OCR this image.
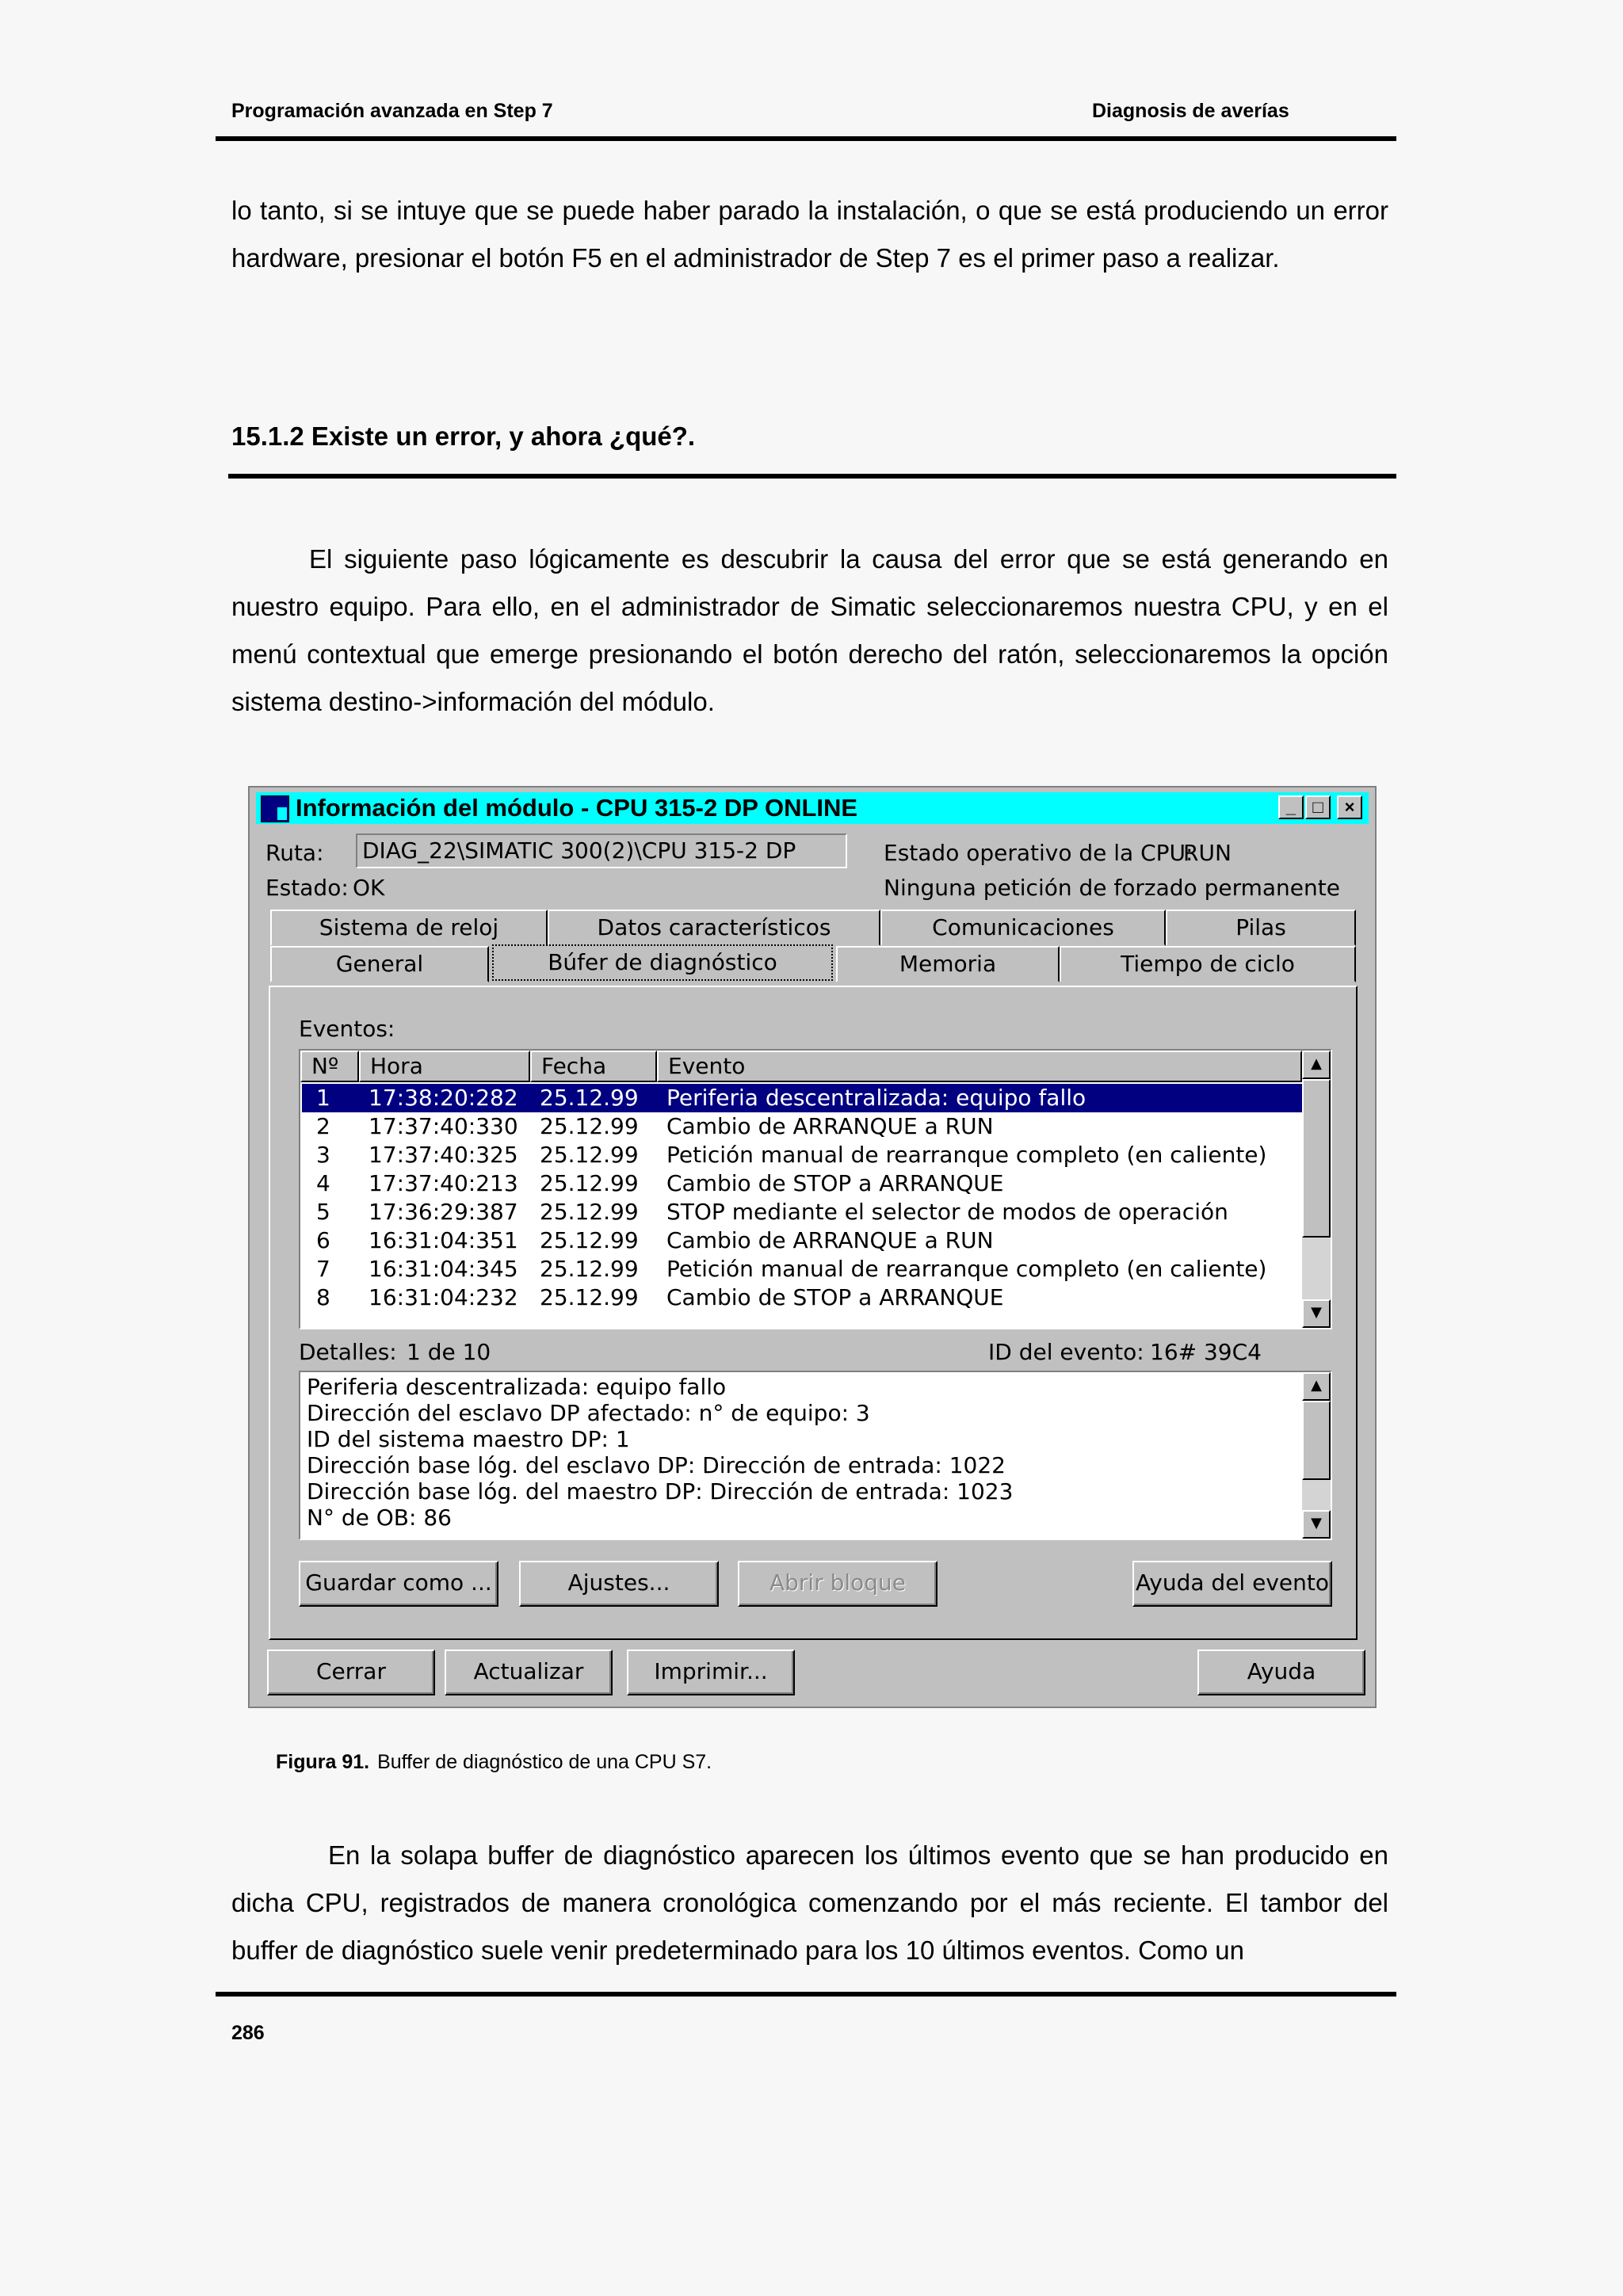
Programación avanzada en Step 7	Diagnosis de averías
lo tanto, si se intuye que se puede haber parado la instalación, o que se está produciendo un error hardware, presionar el botón F5 en el administrador de Step 7 es el primer paso a realizar.
15.1.2 Existe un error, y ahora ¿qué?.
El siguiente paso lógicamente es descubrir la causa del error que se está generando en nuestro equipo. Para ello, en el administrador de Simatic seleccionaremos nuestra CPU, y en el menú contextual que emerge presionando el botón derecho del ratón, seleccionaremos la opción sistema destino->información del módulo.
Información del módulo - CPU 315-2 DP ONLINE	_ □	×
Ruta: DIAG_22\SIMATIC 300(2)\CPU 315-2 DP
Estado: OK
Estado operativo de la CPU:
RUN
Ninguna petición de forzado permanente
Sistema de reloj	Datos característicos	Comunicaciones	Pilas
General	Búfer de diagnóstico	Memoria	Tiempo de ciclo
Eventos:
Nº	Hora	Fecha	Evento
1 17:38:20:282 25.12.99 Periferia descentralizada: equipo fallo
2 17:37:40:330 25.12.99 Cambio de ARRANQUE a RUN
3 17:37:40:325 25.12.99 Petición manual de rearranque completo (en caliente)
4 17:37:40:213 25.12.99 Cambio de STOP a ARRANQUE
5 17:36:29:387 25.12.99 STOP mediante el selector de modos de operación
6 16:31:04:351 25.12.99 Cambio de ARRANQUE a RUN
7 16:31:04:345 25.12.99 Petición manual de rearranque completo (en caliente)
8 16:31:04:232 25.12.99 Cambio de STOP a ARRANQUE
▲
▼
Detalles: 1 de 10	ID del evento: 16# 39C4
Periferia descentralizada: equipo fallo
Dirección del esclavo DP afectado: n° de equipo: 3
ID del sistema maestro DP: 1
Dirección base lóg. del esclavo DP: Dirección de entrada: 1022
Dirección base lóg. del maestro DP: Dirección de entrada: 1023
N° de OB: 86
▲
▼
Guardar como ...	Ajustes...	Abrir bloque	Ayuda del evento
Cerrar	Actualizar	Imprimir...	Ayuda
Figura 91. Buffer de diagnóstico de una CPU S7.
En la solapa buffer de diagnóstico aparecen los últimos evento que se han producido en dicha CPU, registrados de manera cronológica comenzando por el más reciente. El tambor del buffer de diagnóstico suele venir predeterminado para los 10 últimos eventos. Como un
286
